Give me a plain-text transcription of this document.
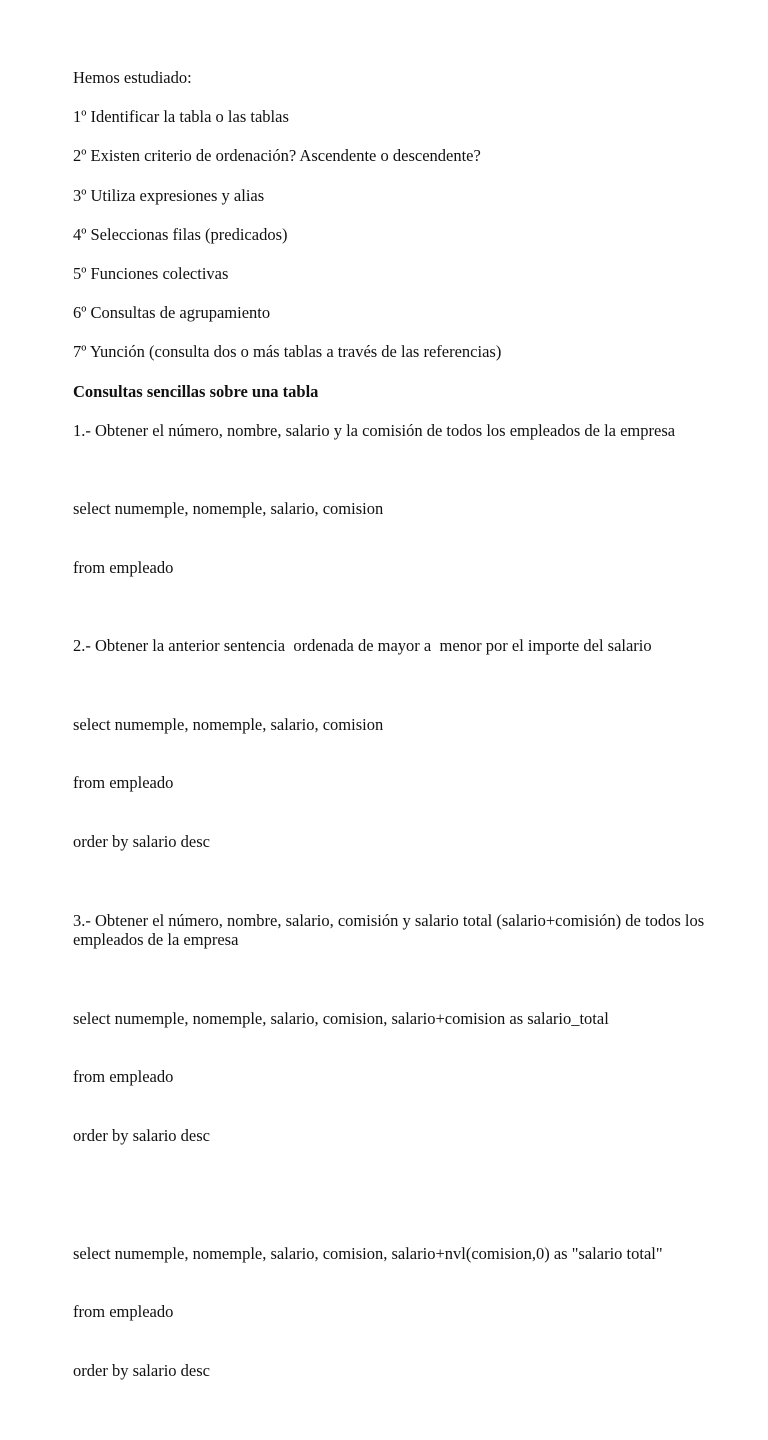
Hemos estudiado:

1º Identificar la tabla o las tablas

2º Existen criterio de ordenación? Ascendente o descendente?

3º Utiliza expresiones y alias

4º Seleccionas filas (predicados)

5º Funciones colectivas

6º Consultas de agrupamiento

7º Yunción (consulta dos o más tablas a través de las referencias)

Consultas sencillas sobre una tabla

1.- Obtener el número, nombre, salario y la comisión de todos los empleados de la empresa

select numemple, nomemple, salario, comision

from empleado

2.- Obtener la anterior sentencia  ordenada de mayor a  menor por el importe del salario

select numemple, nomemple, salario, comision

from empleado

order by salario desc

3.- Obtener el número, nombre, salario, comisión y salario total (salario+comisión) de todos los empleados de la empresa

select numemple, nomemple, salario, comision, salario+comision as salario_total

from empleado

order by salario desc

select numemple, nomemple, salario, comision, salario+nvl(comision,0) as "salario total"

from empleado

order by salario desc
